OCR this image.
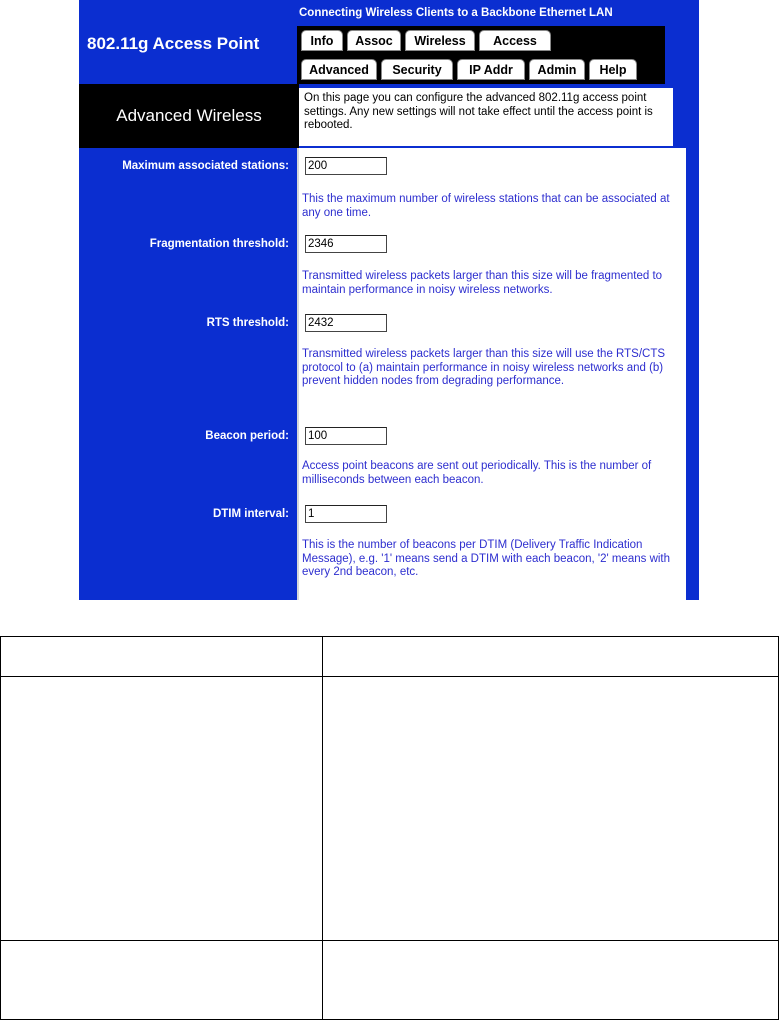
Connecting Wireless Clients to a Backbone Ethernet LAN
802.11g Access Point	Info	Assoc	Wireless	Access
Advanced	Security	IP Addr	Admin	Help
Advanced Wireless
On this page you can configure the advanced 802.11g access point settings. Any new settings will not take effect until the access point is rebooted.
Maximum associated stations:
200
This the maximum number of wireless stations that can be associated at any one time.
Fragmentation threshold:
2346
Transmitted wireless packets larger than this size will be fragmented to maintain performance in noisy wireless networks.
RTS threshold:
2432
Transmitted wireless packets larger than this size will use the RTS/CTS protocol to (a) maintain performance in noisy wireless networks and (b) prevent hidden nodes from degrading performance.
Beacon period:
100
Access point beacons are sent out periodically. This is the number of milliseconds between each beacon.
DTIM interval:
1
This is the number of beacons per DTIM (Delivery Traffic Indication Message), e.g. '1' means send a DTIM with each beacon, '2' means with every 2nd beacon, etc.
